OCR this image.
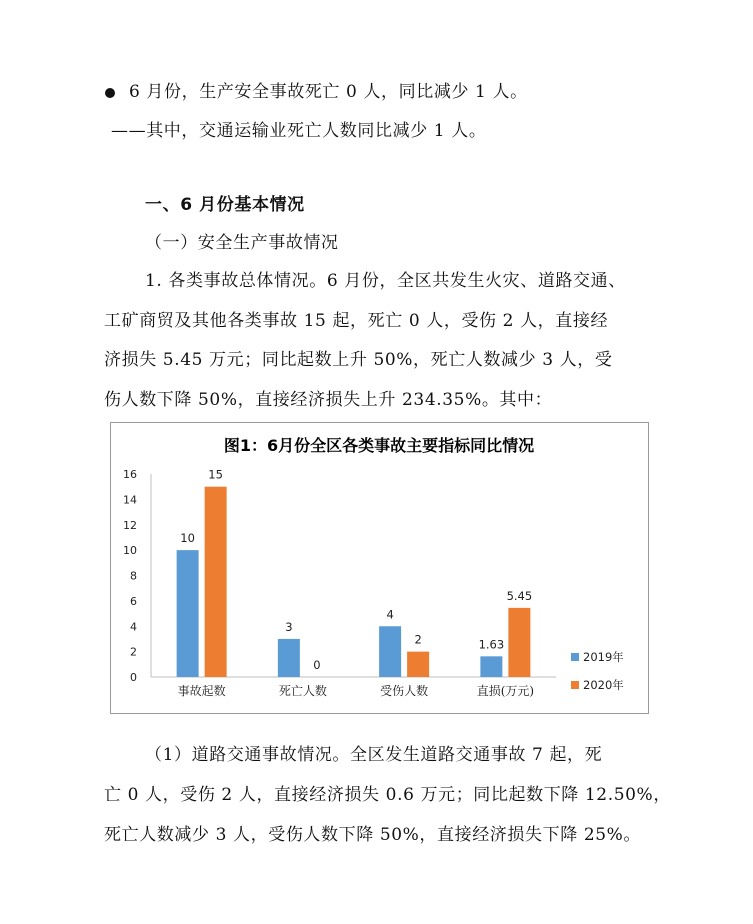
6 月份，生产安全事故死亡 0 人，同比减少 1 人。
——其中，交通运输业死亡人数同比减少 1 人。
一、6 月份基本情况
（一）安全生产事故情况
1. 各类事故总体情况。6 月份，全区共发生火灾、道路交通、
工矿商贸及其他各类事故 15 起，死亡 0 人，受伤 2 人，直接经
济损失 5.45 万元；同比起数上升 50%，死亡人数减少 3 人，受
伤人数下降 50%，直接经济损失上升 234.35%。其中：
图1：6月份全区各类事故主要指标同比情况
0
2
4
6
8
10
12
14
16
10
15
事故起数
3
0
死亡人数
4
2
受伤人数
1.63
5.45
直损(万元)
2019年
2020年
（1）道路交通事故情况。全区发生道路交通事故 7 起，死
亡 0 人，受伤 2 人，直接经济损失 0.6 万元；同比起数下降 12.50%，
死亡人数减少 3 人，受伤人数下降 50%，直接经济损失下降 25%。
